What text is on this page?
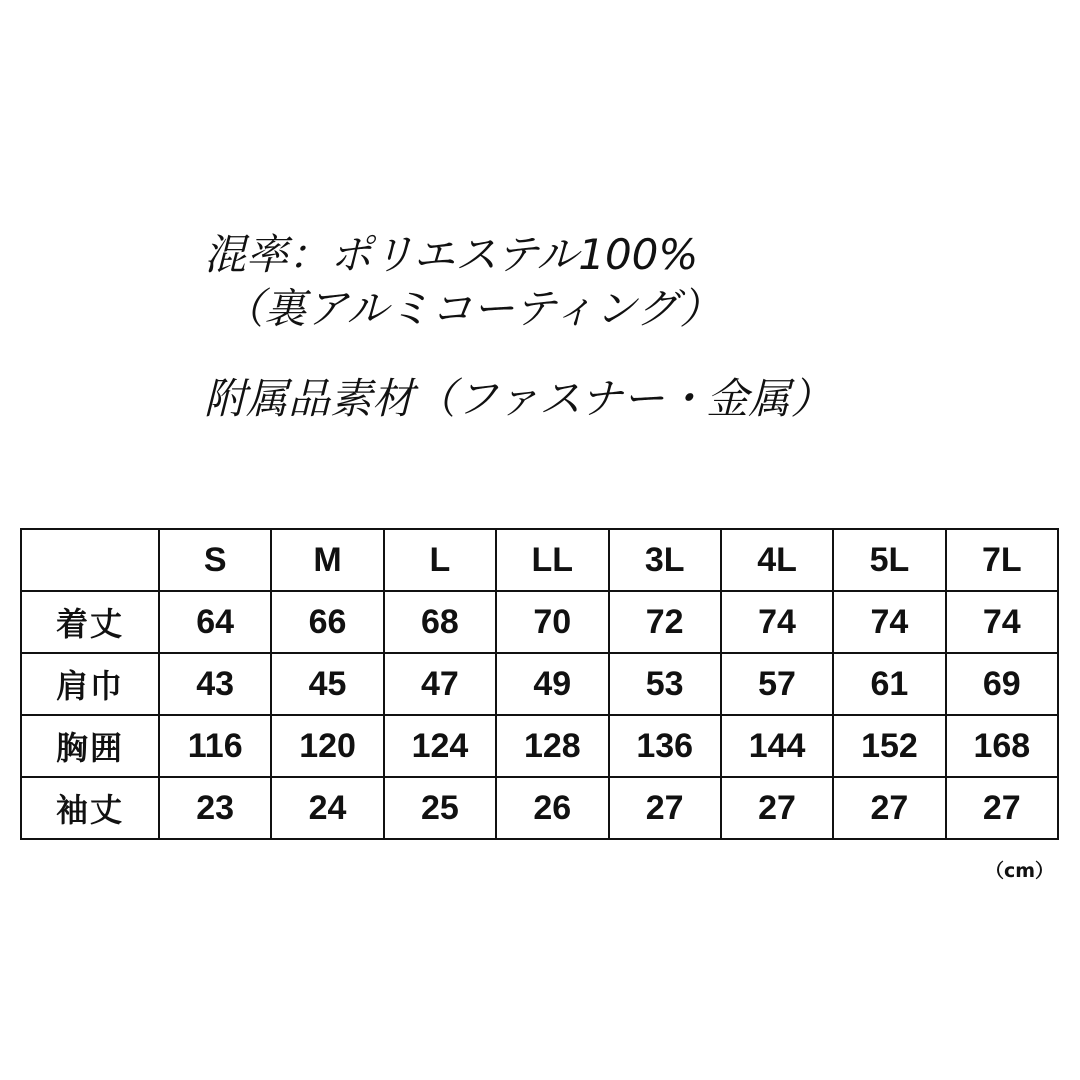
混率：ポリエステル100%
（裏アルミコーティング）
附属品素材（ファスナー・金属）
	S	M	L	LL	3L	4L	5L	7L
着丈	64	66	68	70	72	74	74	74
肩巾	43	45	47	49	53	57	61	69
胸囲	116	120	124	128	136	144	152	168
袖丈	23	24	25	26	27	27	27	27
（cm）
